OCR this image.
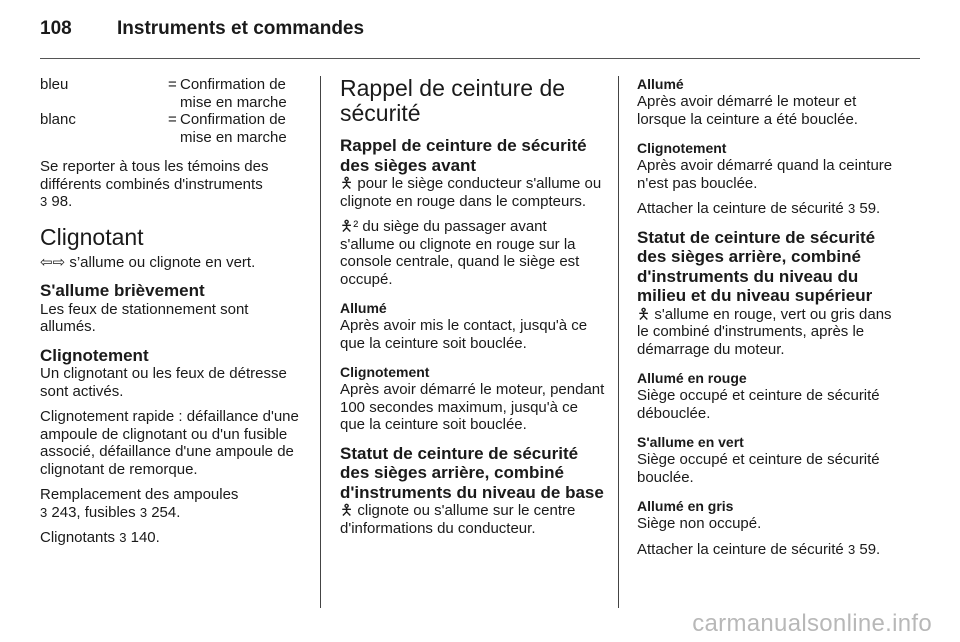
108 Instruments et commandes
bleu	= Confirmation de
mise en marche
blanc	= Confirmation de
mise en marche

Se reporter à tous les témoins des
différents combinés d'instruments
3 98.

Clignotant

⇦⇨ s’allume ou clignote en vert.

S'allume brièvement

Les feux de stationnement sont allumés.

Clignotement

Un clignotant ou les feux de détresse sont activés.

Clignotement rapide : défaillance d'une ampoule de clignotant ou d'un fusible associé, défaillance d'une ampoule de clignotant de remorque.

Remplacement des ampoules
3 243, fusibles 3 254.

Clignotants 3 140.

Rappel de ceinture de sécurité
Rappel de ceinture de sécurité des sièges avant

🯅 pour le siège conducteur s'allume ou clignote en rouge dans le compteurs.

🯅² du siège du passager avant s'allume ou clignote en rouge sur la console centrale, quand le siège est occupé.

Allumé

Après avoir mis le contact, jusqu'à ce que la ceinture soit bouclée.

Clignotement

Après avoir démarré le moteur, pendant 100 secondes maximum, jusqu'à ce que la ceinture soit bouclée.

Statut de ceinture de sécurité des sièges arrière, combiné d'instruments du niveau de base

🯅 clignote ou s'allume sur le centre d'informations du conducteur.

Allumé

Après avoir démarré le moteur et lorsque la ceinture a été bouclée.

Clignotement

Après avoir démarré quand la ceinture n'est pas bouclée.

Attacher la ceinture de sécurité 3 59.

Statut de ceinture de sécurité des sièges arrière, combiné d'instruments du niveau du milieu et du niveau supérieur

🯅 s'allume en rouge, vert ou gris dans le combiné d'instruments, après le démarrage du moteur.

Allumé en rouge

Siège occupé et ceinture de sécurité débouclée.

S'allume en vert

Siège occupé et ceinture de sécurité bouclée.

Allumé en gris

Siège non occupé.

Attacher la ceinture de sécurité 3 59.

carmanualsonline.info
